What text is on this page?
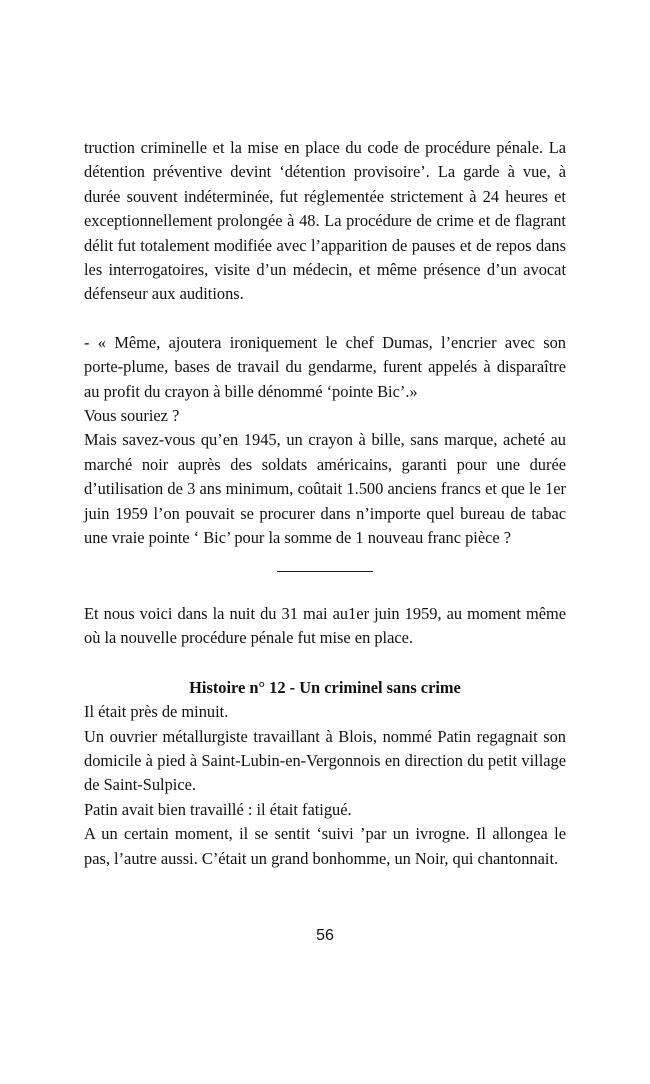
truction criminelle et la mise en place du code de procédure pénale. La détention préventive devint ‘détention provisoire’. La garde à vue, à durée souvent indéterminée, fut réglementée strictement à 24 heures et exceptionnellement prolongée à 48. La procédure de crime et de flagrant délit fut totalement modifiée avec l’apparition de pauses et de repos dans les interrogatoires, visite d’un médecin, et même présence d’un avocat défenseur aux auditions.

- « Même, ajoutera ironiquement le chef Dumas, l’encrier avec son porte-plume, bases de travail du gendarme, furent appelés à disparaître au profit du crayon à bille dénommé ‘pointe Bic’.»

Vous souriez ?

Mais savez-vous qu’en 1945, un crayon à bille, sans marque, acheté au marché noir auprès des soldats américains, garanti pour une durée d’utilisation de 3 ans minimum, coûtait 1.500 anciens francs et que le 1er juin 1959 l’on pouvait se procurer dans n’importe quel bureau de tabac une vraie pointe ‘ Bic’ pour la somme de 1 nouveau franc pièce ?

Et nous voici dans la nuit du 31 mai au1er juin 1959, au moment même où la nouvelle procédure pénale fut mise en place.

Histoire n° 12 - Un criminel sans crime

Il était près de minuit.

Un ouvrier métallurgiste travaillant à Blois, nommé Patin regagnait son domicile à pied à Saint-Lubin-en-Vergonnois en direction du petit village de Saint-Sulpice.

Patin avait bien travaillé : il était fatigué.

A un certain moment, il se sentit ‘suivi ’par un ivrogne. Il allongea le pas, l’autre aussi. C’était un grand bonhomme, un Noir, qui chantonnait.

56
